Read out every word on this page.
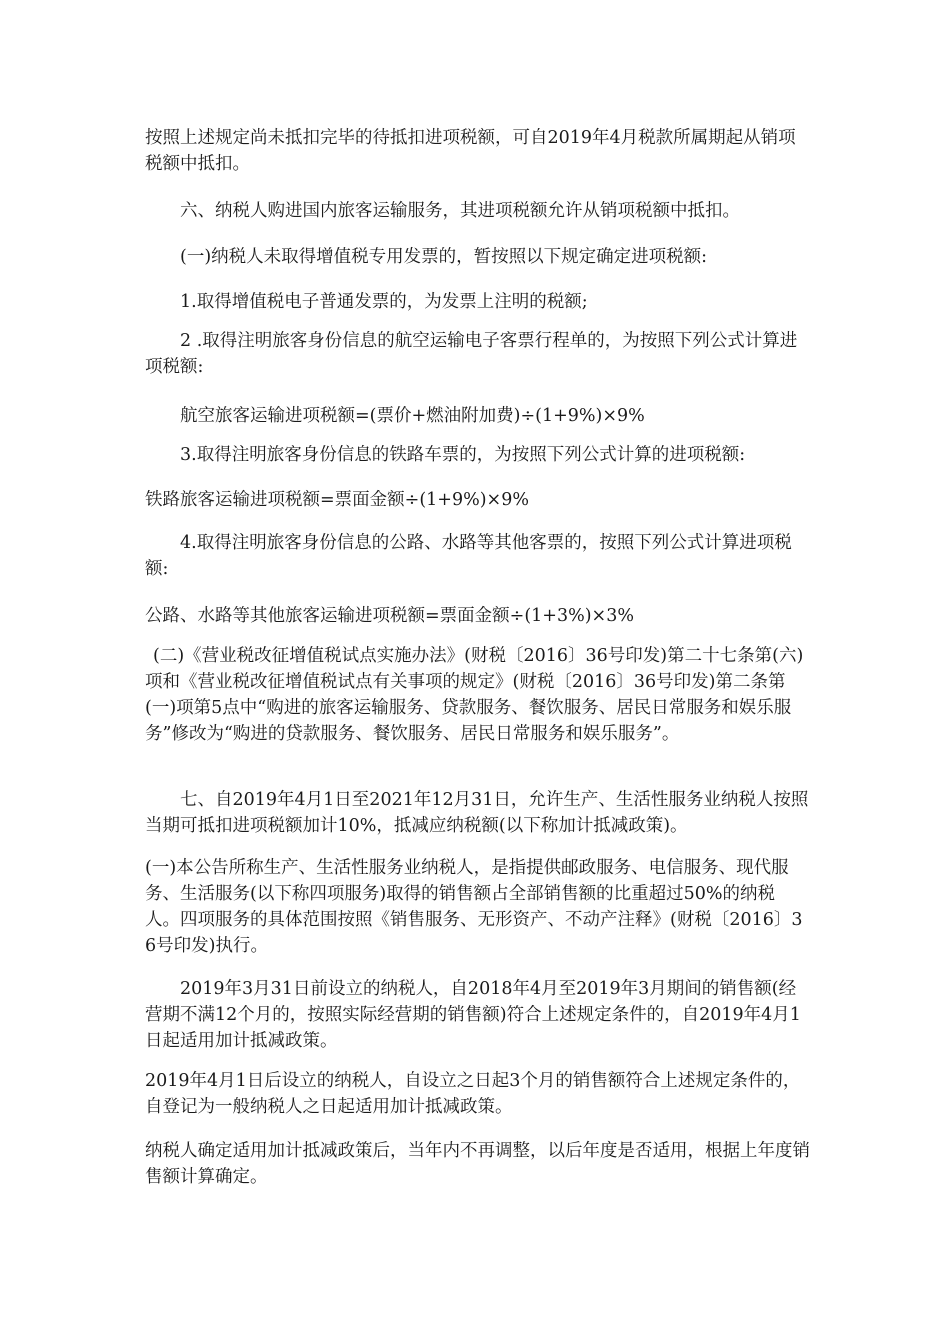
按照上述规定尚未抵扣完毕的待抵扣进项税额，可自2019年4月税款所属期起从销项税额中抵扣。

六、纳税人购进国内旅客运输服务，其进项税额允许从销项税额中抵扣。

(一)纳税人未取得增值税专用发票的，暂按照以下规定确定进项税额:

1.取得增值税电子普通发票的，为发票上注明的税额;

2 .取得注明旅客身份信息的航空运输电子客票行程单的，为按照下列公式计算进项税额:

航空旅客运输进项税额=(票价+燃油附加费)÷(1+9%)×9%

3.取得注明旅客身份信息的铁路车票的，为按照下列公式计算的进项税额:

铁路旅客运输进项税额=票面金额÷(1+9%)×9%

4.取得注明旅客身份信息的公路、水路等其他客票的，按照下列公式计算进项税额:

公路、水路等其他旅客运输进项税额=票面金额÷(1+3%)×3%

(二)《营业税改征增值税试点实施办法》(财税〔2016〕36号印发)第二十七条第(六)项和《营业税改征增值税试点有关事项的规定》(财税〔2016〕36号印发)第二条第(一)项第5点中“购进的旅客运输服务、贷款服务、餐饮服务、居民日常服务和娱乐服务”修改为“购进的贷款服务、餐饮服务、居民日常服务和娱乐服务”。

七、自2019年4月1日至2021年12月31日，允许生产、生活性服务业纳税人按照当期可抵扣进项税额加计10%，抵减应纳税额(以下称加计抵减政策)。

(一)本公告所称生产、生活性服务业纳税人，是指提供邮政服务、电信服务、现代服务、生活服务(以下称四项服务)取得的销售额占全部销售额的比重超过50%的纳税人。四项服务的具体范围按照《销售服务、无形资产、不动产注释》(财税〔2016〕36号印发)执行。

2019年3月31日前设立的纳税人，自2018年4月至2019年3月期间的销售额(经营期不满12个月的，按照实际经营期的销售额)符合上述规定条件的，自2019年4月1日起适用加计抵减政策。

2019年4月1日后设立的纳税人，自设立之日起3个月的销售额符合上述规定条件的，自登记为一般纳税人之日起适用加计抵减政策。

纳税人确定适用加计抵减政策后，当年内不再调整，以后年度是否适用，根据上年度销售额计算确定。
